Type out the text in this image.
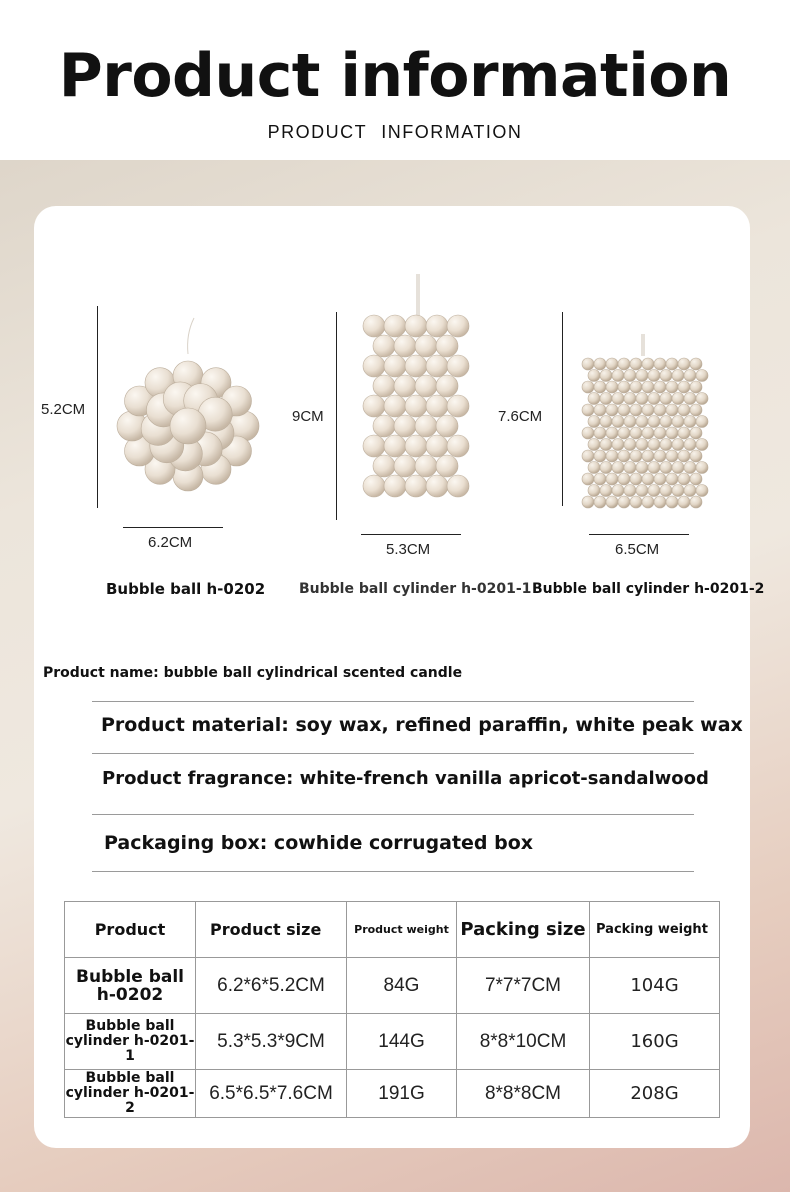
Product information
PRODUCT INFORMATION
5.2CM
6.2CM
Bubble ball h-0202
9CM
5.3CM
Bubble ball cylinder h-0201-1
7.6CM
6.5CM
Bubble ball cylinder h-0201-2
Product name: bubble ball cylindrical scented candle
Product material: soy wax, refined paraffin, white peak wax
Product fragrance: white-french vanilla apricot-sandalwood
Packaging box: cowhide corrugated box
Product	Product size	Product weight	Packing size	Packing weight
Bubble ball h-0202	6.2*6*5.2CM	84G	7*7*7CM	104G
Bubble ball cylinder h-0201-1	5.3*5.3*9CM	144G	8*8*10CM	160G
Bubble ball cylinder h-0201-2	6.5*6.5*7.6CM	191G	8*8*8CM	208G
